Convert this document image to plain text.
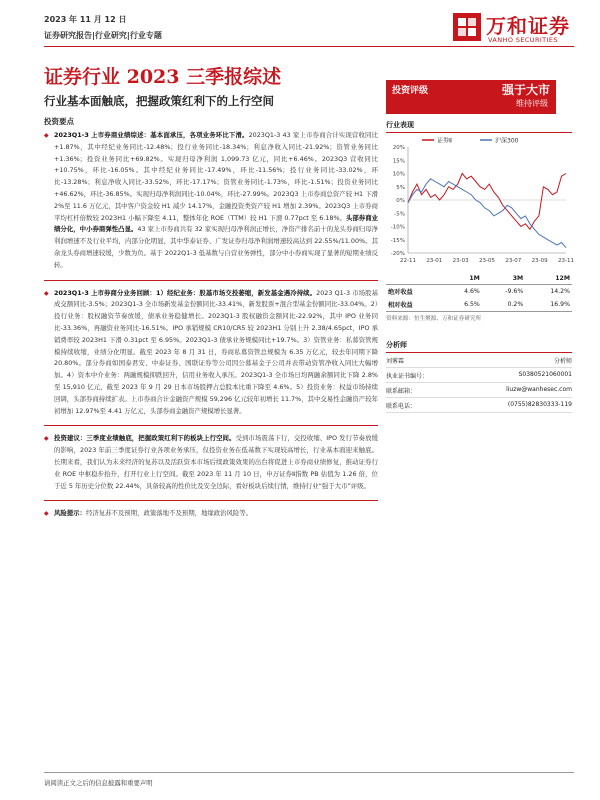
2023 年 11 月 12 日
证券研究报告|行业研究|行业专题	万和证券
VANHO SECURITIES
证券行业 2023 三季报综述
行业基本面触底，把握政策红利下的上行空间
投资要点
投资评级	强于大市
维持评级
◆ 2023Q1-3 上市券商业绩综述：基本面承压，各项业务环比下滑。2023Q1-3 43 家上市券商合计实现营收同比+1.87%，其中经纪业务同比-12.48%；投行业务同比-18.34%；利息净收入同比-21.92%；资管业务同比+1.36%；投资业务同比+69.82%。实现归母净利润 1,099.73 亿元，同比+6.46%。2023Q3 营收同比+10.75%，环比-16.05%。其中经纪业务同比-17.49%，环比-11.56%；投行业务同比-33.02%，环比-13.28%；利息净收入同比-33.52%，环比-17.17%；资管业务同比-1.73%，环比-1.51%；投资业务同比+46.62%，环比-36.85%。实现归母净利润同比-10.04%，环比-27.99%。2023Q3 上市券商总资产较 H1 下滑 2%至 11.6 万亿元，其中客户资金较 H1 减少 14.17%，金融投资类资产较 H1 增加 2.39%。2023Q3 上市券商平均杠杆倍数较 2023H1 小幅下降至 4.11，整体年化 ROE（TTM）较 H1 下滑 0.77pct 至 6.18%。头部券商业绩分化，中小券商弹性凸显。43 家上市券商共有 32 家实现归母净利润正增长，净资产排名前十的龙头券商归母净利润增速不及行业平均，内部分化明显，其中华泰证券、广发证券归母净利润增速较高达到 22.55%/11.00%。其余龙头券商增速较缓，少数为负。基于 2022Q1-3 低基数与自营业务弹性，部分中小券商实现了显著的短期业绩反转。
◆ 2023Q1-3 上市券商分业务回顾：1）经纪业务：股基市场交投萎缩，新发基金遇冷持续。2023 Q1-3 市场股基成交额同比-3.5%；2023Q1-3 全市场新发基金份额同比-33.41%，新发股票+混合型基金份额同比-33.04%。2）投行业务：股权融资节奏放缓，债承业务稳健增长。2023Q1-3 股权融资金额同比-22.92%，其中 IPO 业务同比-33.36%，再融资业务同比-16.51%。IPO 承销规模 CR10/CR5 较 2023H1 分别上升 2.38/4.65pct，IPO 承销费率较 2023H1 下滑 0.31pct 至 6.95%。2023Q1-3 债承业务规模同比+19.7%。3）资管业务：私募资管规模持续收缩，业绩分化明显。截至 2023 年 8 月 31 日，券商私募资管总规模为 6.35 万亿元，较去年同期下降 20.80%。部分券商如国泰君安、中泰证券、国联证券等公司因公募基金子公司并表带动资管净收入同比大幅增加。4）资本中介业务：两融规模抑跌回升，信用业务收入承压。2023Q1-3 全市场日均两融余额同比下降 2.8%至 15,910 亿元，截至 2023 年 9 月 29 日本市场股押占总股本比重下降至 4.6%。5）投资业务：权益市场持续回调，头部券商持续扩表。上市券商合计金融资产规模 59,296 亿元较年初增长 11.7%，其中交易性金融资产较年初增加 12.97%至 4.41 万亿元，头部券商金融资产规模增长显著。
◆ 投资建议：三季度业绩触底，把握政策红利下的板块上行空间。受到市场震荡下行，交投收缩、IPO 发行节奏放缓的影响，2023 年前三季度证券行业各项业务承压，仅投资业务在低基数下实现较高增长，行业基本面迎来触底。长期来看，我们认为未来经济的复苏以及活跃资本市场后续政策效果的出台将促进上市券商业绩修复，推动证券行业 ROE 中枢稳步抬升，打开行业上行空间。截至 2023 年 11 月 10 日，申万证券Ⅱ指数 PB 估值为 1.26 倍，位于近 5 年历史分位数 22.44%，具备较高的性价比及安全边际，看好板块后续行情，维持行业“强于大市”评级。
◆ 风险提示：经济复苏不及预期，政策落地不及预期，地缘政治风险等。
行业表现
证券Ⅱ	沪深300
-20%
-15%
-10%
-5%
0%
5%
10%
15%
20%
22-11 23-01 23-03 23-05 23-07 23-09 23-11
	1M	3M	12M
绝对收益	4.6%	-9.6%	14.2%
相对收益	6.5%	0.2%	16.9%
资料来源：恒生聚源、万和证券研究所
分析师
刘雾霖	分析师
执业证书编号：	S0380521060001
联系邮箱：	liuzw@wanhesec.com
联系电话：	(0755)82830333-119
请阅读正文之后的信息披露和重要声明
